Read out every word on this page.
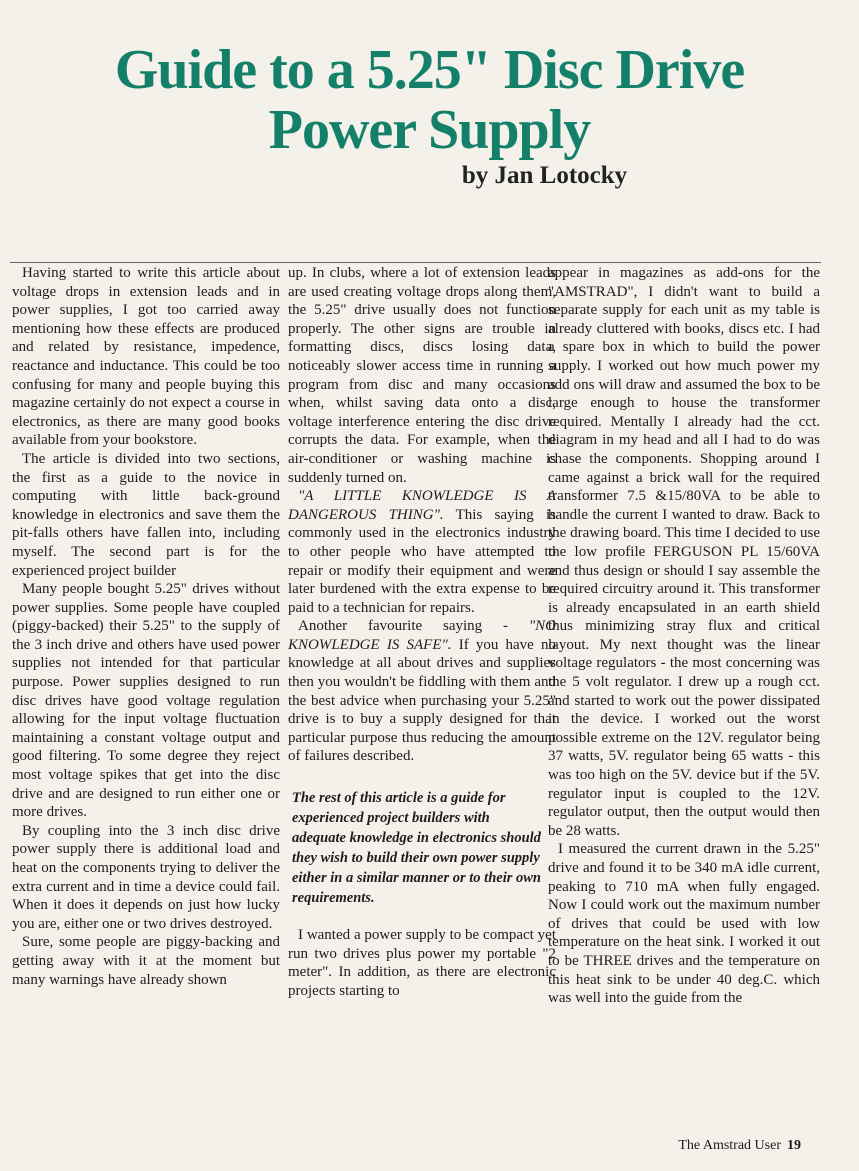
Guide to a 5.25" Disc Drive
Power Supply
by Jan Lotocky

Having started to write this article about voltage drops in extension leads and in power supplies, I got too carried away mentioning how these effects are produced and related by resistance, impedence, reactance and inductance. This could be too confusing for many and people buying this magazine certainly do not expect a course in electronics, as there are many good books available from your bookstore.

The article is divided into two sections, the first as a guide to the novice in computing with little back-ground knowledge in electronics and save them the pit-falls others have fallen into, including myself. The second part is for the experienced project builder

Many people bought 5.25" drives without power supplies. Some people have coupled (piggy-backed) their 5.25" to the supply of the 3 inch drive and others have used power supplies not intended for that particular purpose. Power supplies designed to run disc drives have good voltage regulation allowing for the input voltage fluctuation maintaining a constant voltage output and good filtering. To some degree they reject most voltage spikes that get into the disc drive and are designed to run either one or more drives.

By coupling into the 3 inch disc drive power supply there is additional load and heat on the components trying to deliver the extra current and in time a device could fail. When it does it depends on just how lucky you are, either one or two drives destroyed.

Sure, some people are piggy-backing and getting away with it at the moment but many warnings have already shown

up. In clubs, where a lot of extension leads are used creating voltage drops along them, the 5.25" drive usually does not function properly. The other signs are trouble in formatting discs, discs losing data, noticeably slower access time in running a program from disc and many occasions when, whilst saving data onto a disc, voltage interference entering the disc drive corrupts the data. For example, when the air-conditioner or washing machine is suddenly turned on.

"A LITTLE KNOWLEDGE IS A DANGEROUS THING". This saying is commonly used in the electronics industry to other people who have attempted to repair or modify their equipment and were later burdened with the extra expense to be paid to a technician for repairs.

Another favourite saying - "NO KNOWLEDGE IS SAFE". If you have no knowledge at all about drives and supplies then you wouldn't be fiddling with them and the best advice when purchasing your 5.25" drive is to buy a supply designed for that particular purpose thus reducing the amount of failures described.

The rest of this article is a guide for experienced project builders with adequate knowledge in electronics should they wish to build their own power supply either in a similar manner or to their own requirements.

I wanted a power supply to be compact yet run two drives plus power my portable "2 meter". In addition, as there are electronic projects starting to

appear in magazines as add-ons for the "AMSTRAD", I didn't want to build a separate supply for each unit as my table is already cluttered with books, discs etc. I had a spare box in which to build the power supply. I worked out how much power my add ons will draw and assumed the box to be large enough to house the transformer required. Mentally I already had the cct. diagram in my head and all I had to do was chase the components. Shopping around I came against a brick wall for the required transformer 7.5 &15/80VA to be able to handle the current I wanted to draw. Back to the drawing board. This time I decided to use the low profile FERGUSON PL 15/60VA and thus design or should I say assemble the required circuitry around it. This transformer is already encapsulated in an earth shield thus minimizing stray flux and critical layout. My next thought was the linear voltage regulators - the most concerning was the 5 volt regulator. I drew up a rough cct. and started to work out the power dissipated in the device. I worked out the worst possible extreme on the 12V. regulator being 37 watts, 5V. regulator being 65 watts - this was too high on the 5V. device but if the 5V. regulator input is coupled to the 12V. regulator output, then the output would then be 28 watts.

I measured the current drawn in the 5.25" drive and found it to be 340 mA idle current, peaking to 710 mA when fully engaged. Now I could work out the maximum number of drives that could be used with low temperature on the heat sink. I worked it out to be THREE drives and the temperature on this heat sink to be under 40 deg.C. which was well into the guide from the

The Amstrad User 19
